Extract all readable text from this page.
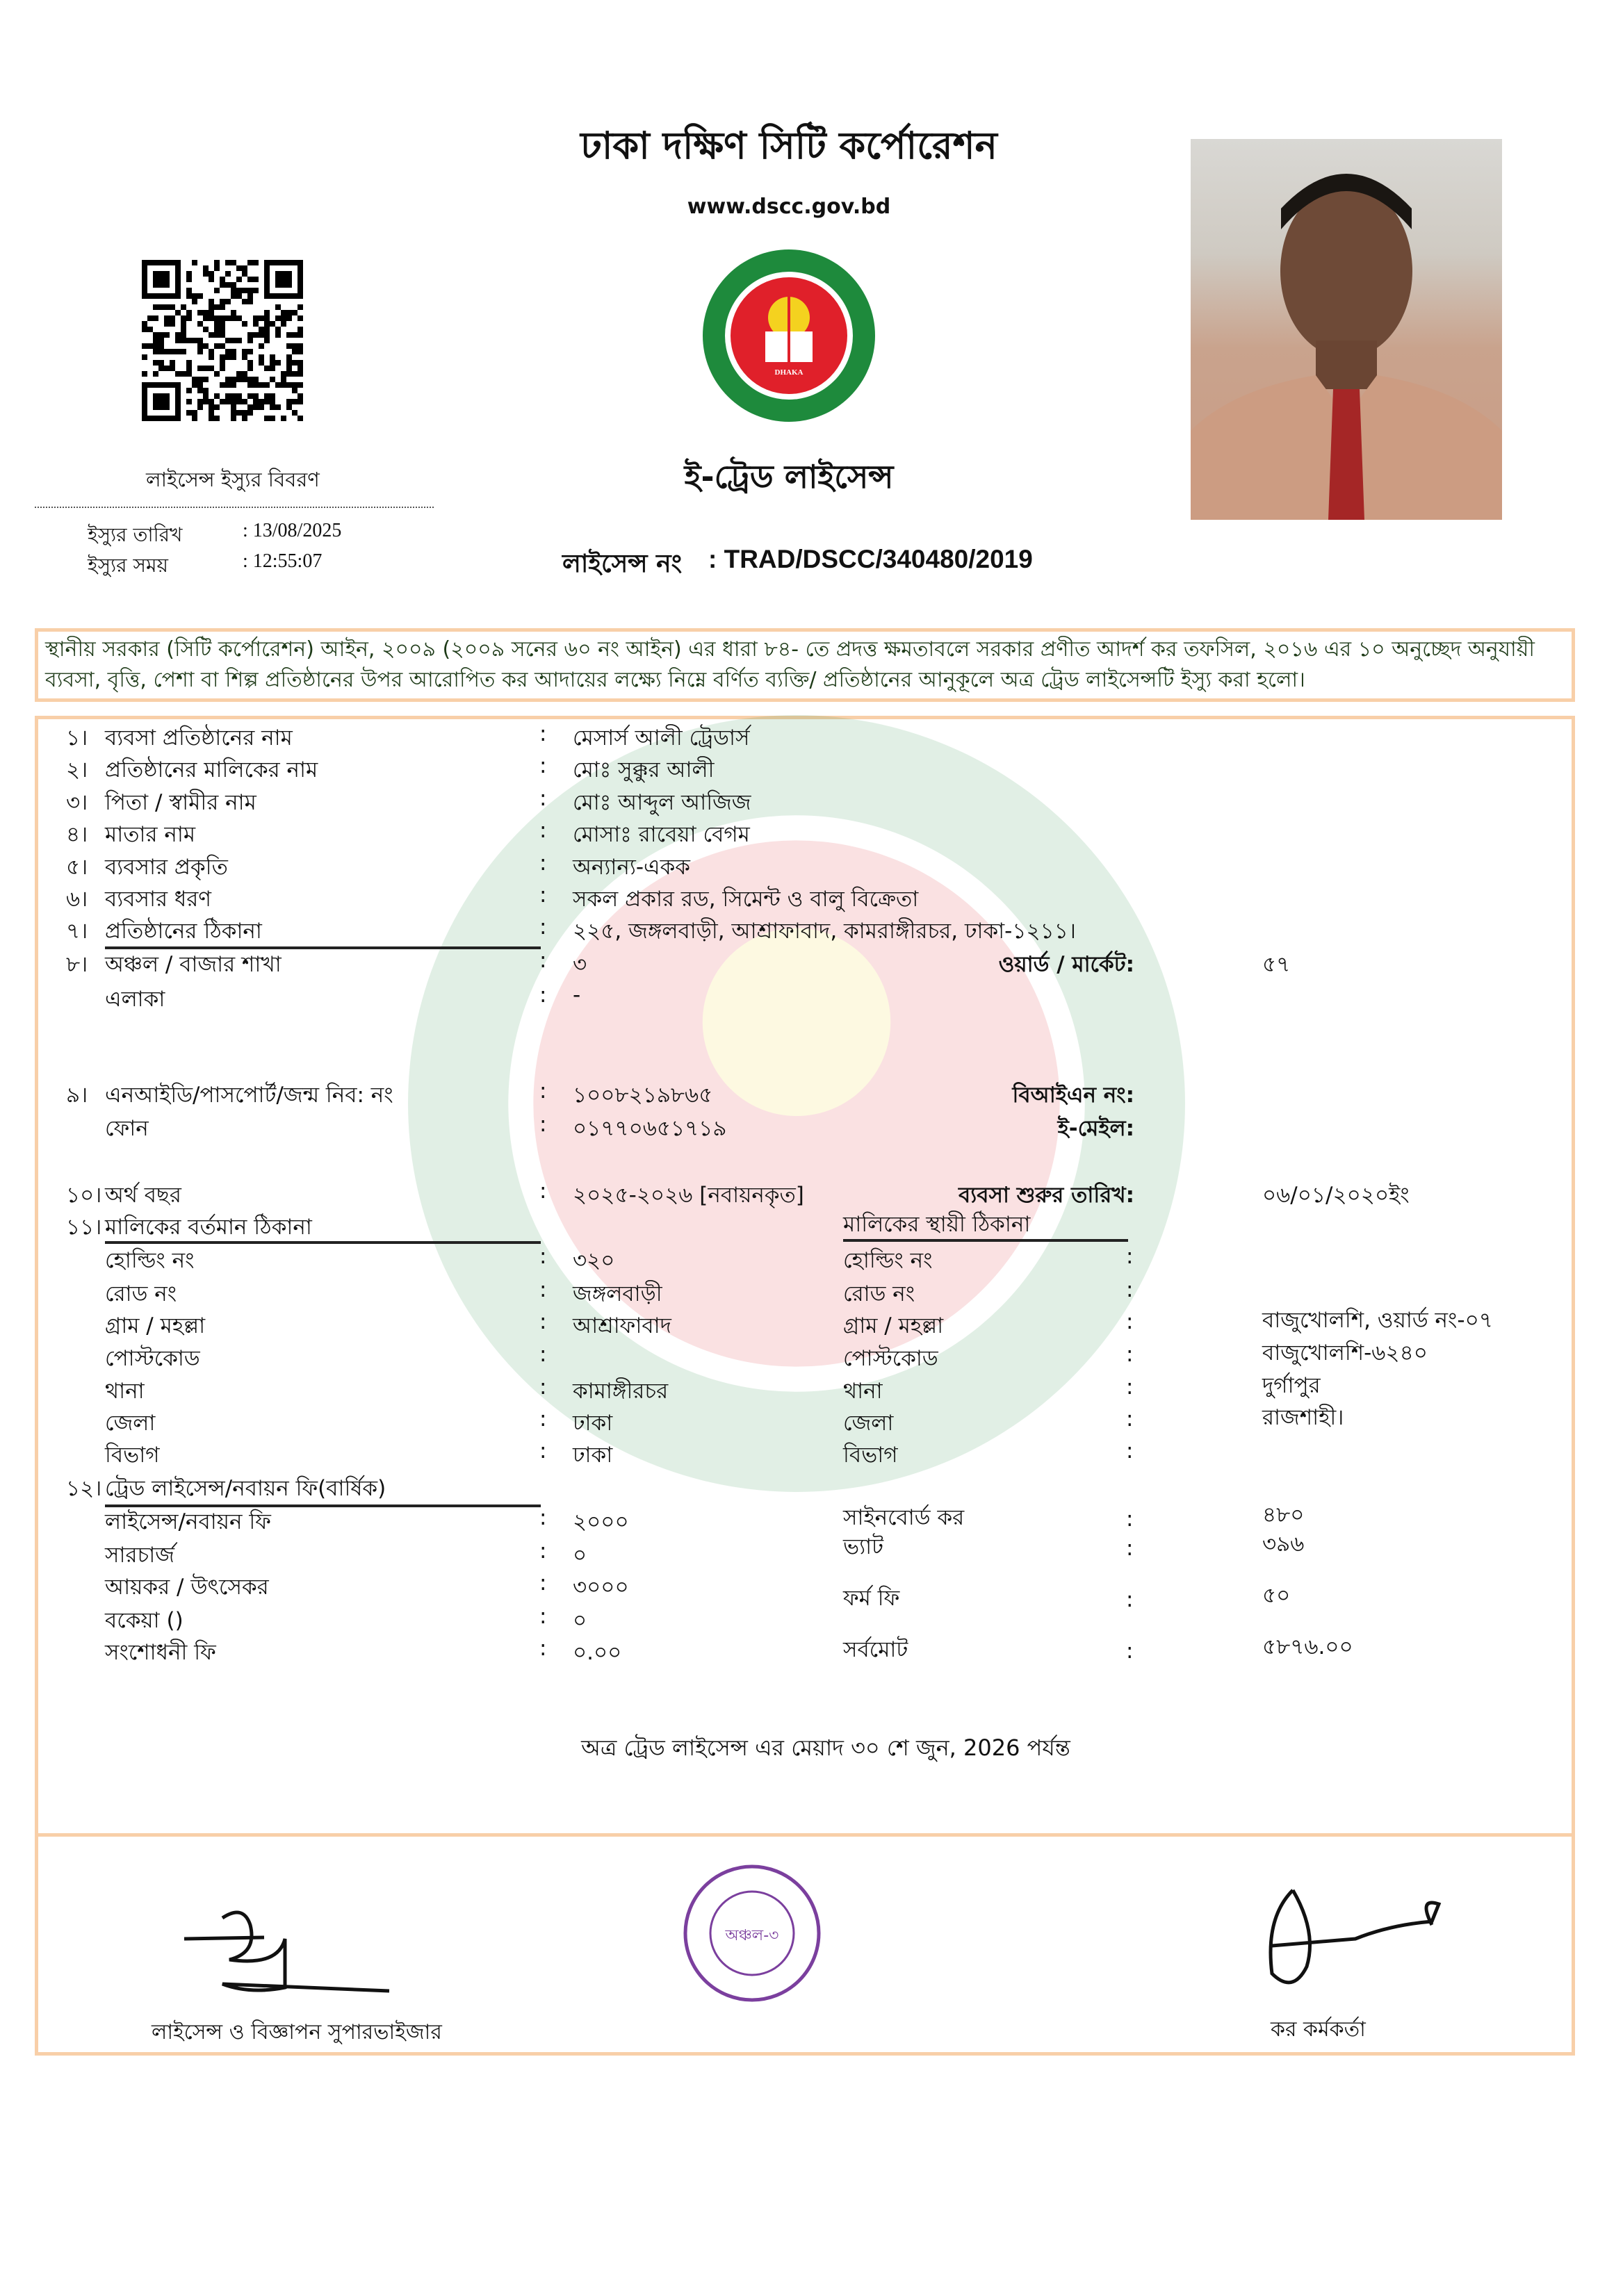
ঢাকা দক্ষিণ সিটি কর্পোরেশন
www.dscc.gov.bd
DHAKA
ই-ট্রেড লাইসেন্স
লাইসেন্স ইস্যুর বিবরণ
ইস্যুর তারিখ	: 13/08/2025
ইস্যুর সময়	: 12:55:07	লাইসেন্স নং : TRAD/DSCC/340480/2019

স্থানীয় সরকার (সিটি কর্পোরেশন) আইন, ২০০৯ (২০০৯ সনের ৬০ নং আইন) এর ধারা ৮৪- তে প্রদত্ত ক্ষমতাবলে সরকার প্রণীত আদর্শ কর তফসিল, ২০১৬ এর ১০ অনুচ্ছেদ অনুযায়ী ব্যবসা, বৃত্তি, পেশা বা শিল্প প্রতিষ্ঠানের উপর আরোপিত কর আদায়ের লক্ষ্যে নিম্নে বর্ণিত ব্যক্তি/ প্রতিষ্ঠানের আনুকূলে অত্র ট্রেড লাইসেন্সটি ইস্যু করা হলো।

১। ব্যবসা প্রতিষ্ঠানের নাম	: মেসার্স আলী ট্রেডার্স
২। প্রতিষ্ঠানের মালিকের নাম	: মোঃ সুক্কুর আলী
৩। পিতা / স্বামীর নাম	: মোঃ আব্দুল আজিজ
৪। মাতার নাম	: মোসাঃ রাবেয়া বেগম
৫। ব্যবসার প্রকৃতি	: অন্যান্য-একক
৬। ব্যবসার ধরণ	: সকল প্রকার রড, সিমেন্ট ও বালু বিক্রেতা
৭। প্রতিষ্ঠানের ঠিকানা	: ২২৫, জঙ্গলবাড়ী, আশ্রাফাবাদ, কামরাঙ্গীরচর, ঢাকা-১২১১।
৮। অঞ্চল / বাজার শাখা	: ৩	ওয়ার্ড / মার্কেট:	৫৭
এলাকা	: -
৯। এনআইডি/পাসপোর্ট/জন্ম নিব: নং	: ১০০৮২১৯৮৬৫	বিআইএন নং:
ফোন	: ০১৭৭০৬৫১৭১৯	ই-মেইল:
১০। অর্থ বছর	: ২০২৫-২০২৬ [নবায়নকৃত]	ব্যবসা শুরুর তারিখ:	০৬/০১/২০২০ইং
১১। মালিকের বর্তমান ঠিকানা	মালিকের স্থায়ী ঠিকানা
হোল্ডিং নং	: ৩২০	হোল্ডিং নং	:
রোড নং	: জঙ্গলবাড়ী	রোড নং	:
গ্রাম / মহল্লা	: আশ্রাফাবাদ	গ্রাম / মহল্লা	:	বাজুখোলশি, ওয়ার্ড নং-০৭
পোস্টকোড	:	পোস্টকোড	:	বাজুখোলশি-৬২৪০
থানা	: কামাঙ্গীরচর	থানা	:	দুর্গাপুর
জেলা	: ঢাকা	জেলা	:	রাজশাহী।
বিভাগ	: ঢাকা	বিভাগ	:
১২। ট্রেড লাইসেন্স/নবায়ন ফি(বার্ষিক)
লাইসেন্স/নবায়ন ফি	: ২০০০
সারচার্জ	: ০
আয়কর / উৎসেকর	: ৩০০০
বকেয়া ()	: ০
সংশোধনী ফি	: ০.০০
সাইনবোর্ড কর	:	৪৮০
ভ্যাট	:	৩৯৬
ফর্ম ফি	:	৫০
সর্বমোট	:	৫৮৭৬.০০
অত্র ট্রেড লাইসেন্স এর মেয়াদ ৩০ শে জুন, 2026 পর্যন্ত
লাইসেন্স ও বিজ্ঞাপন সুপারভাইজার
অঞ্চল-৩
কর কর্মকর্তা
